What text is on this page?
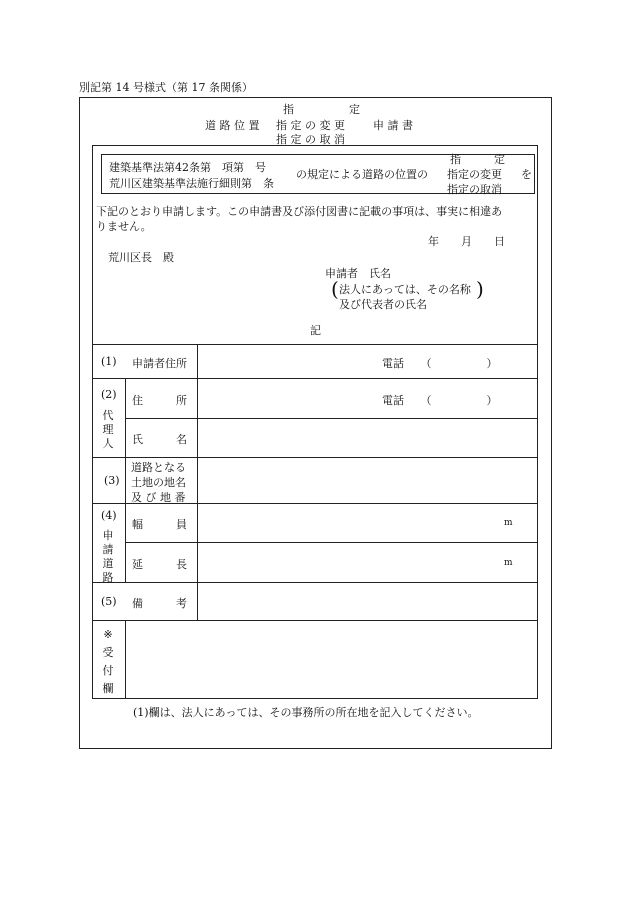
別記第 14 号様式（第 17 条関係）
指　　　　　定
道 路 位 置 指 定 の 変 更	申 請 書
指 定 の 取 消
建築基準法第42条第　項第　号
荒川区建築基準法施行細則第　条
の規定による道路の位置の
指　　　定
指定の変更
指定の取消
を
下記のとおり申請します。この申請書及び添付図書に記載の事項は、事実に相違あ
りません。
年　　月　　日
荒川区長　殿
申請者　氏名
( 法人にあっては、その名称
及び代表者の氏名
)
記
(1) 申請者住所	電話　　（　　　　　）
(2)
代
理
人
住　　　所	電話　　（　　　　　）
氏　　　名
(3)
道路となる
土地の地名
及 び 地 番
(4)
申
請
道
路
幅　　　員	m
延　　　長	m
(5) 備　　　考
※
受
付
欄
(1)欄は、法人にあっては、その事務所の所在地を記入してください。
